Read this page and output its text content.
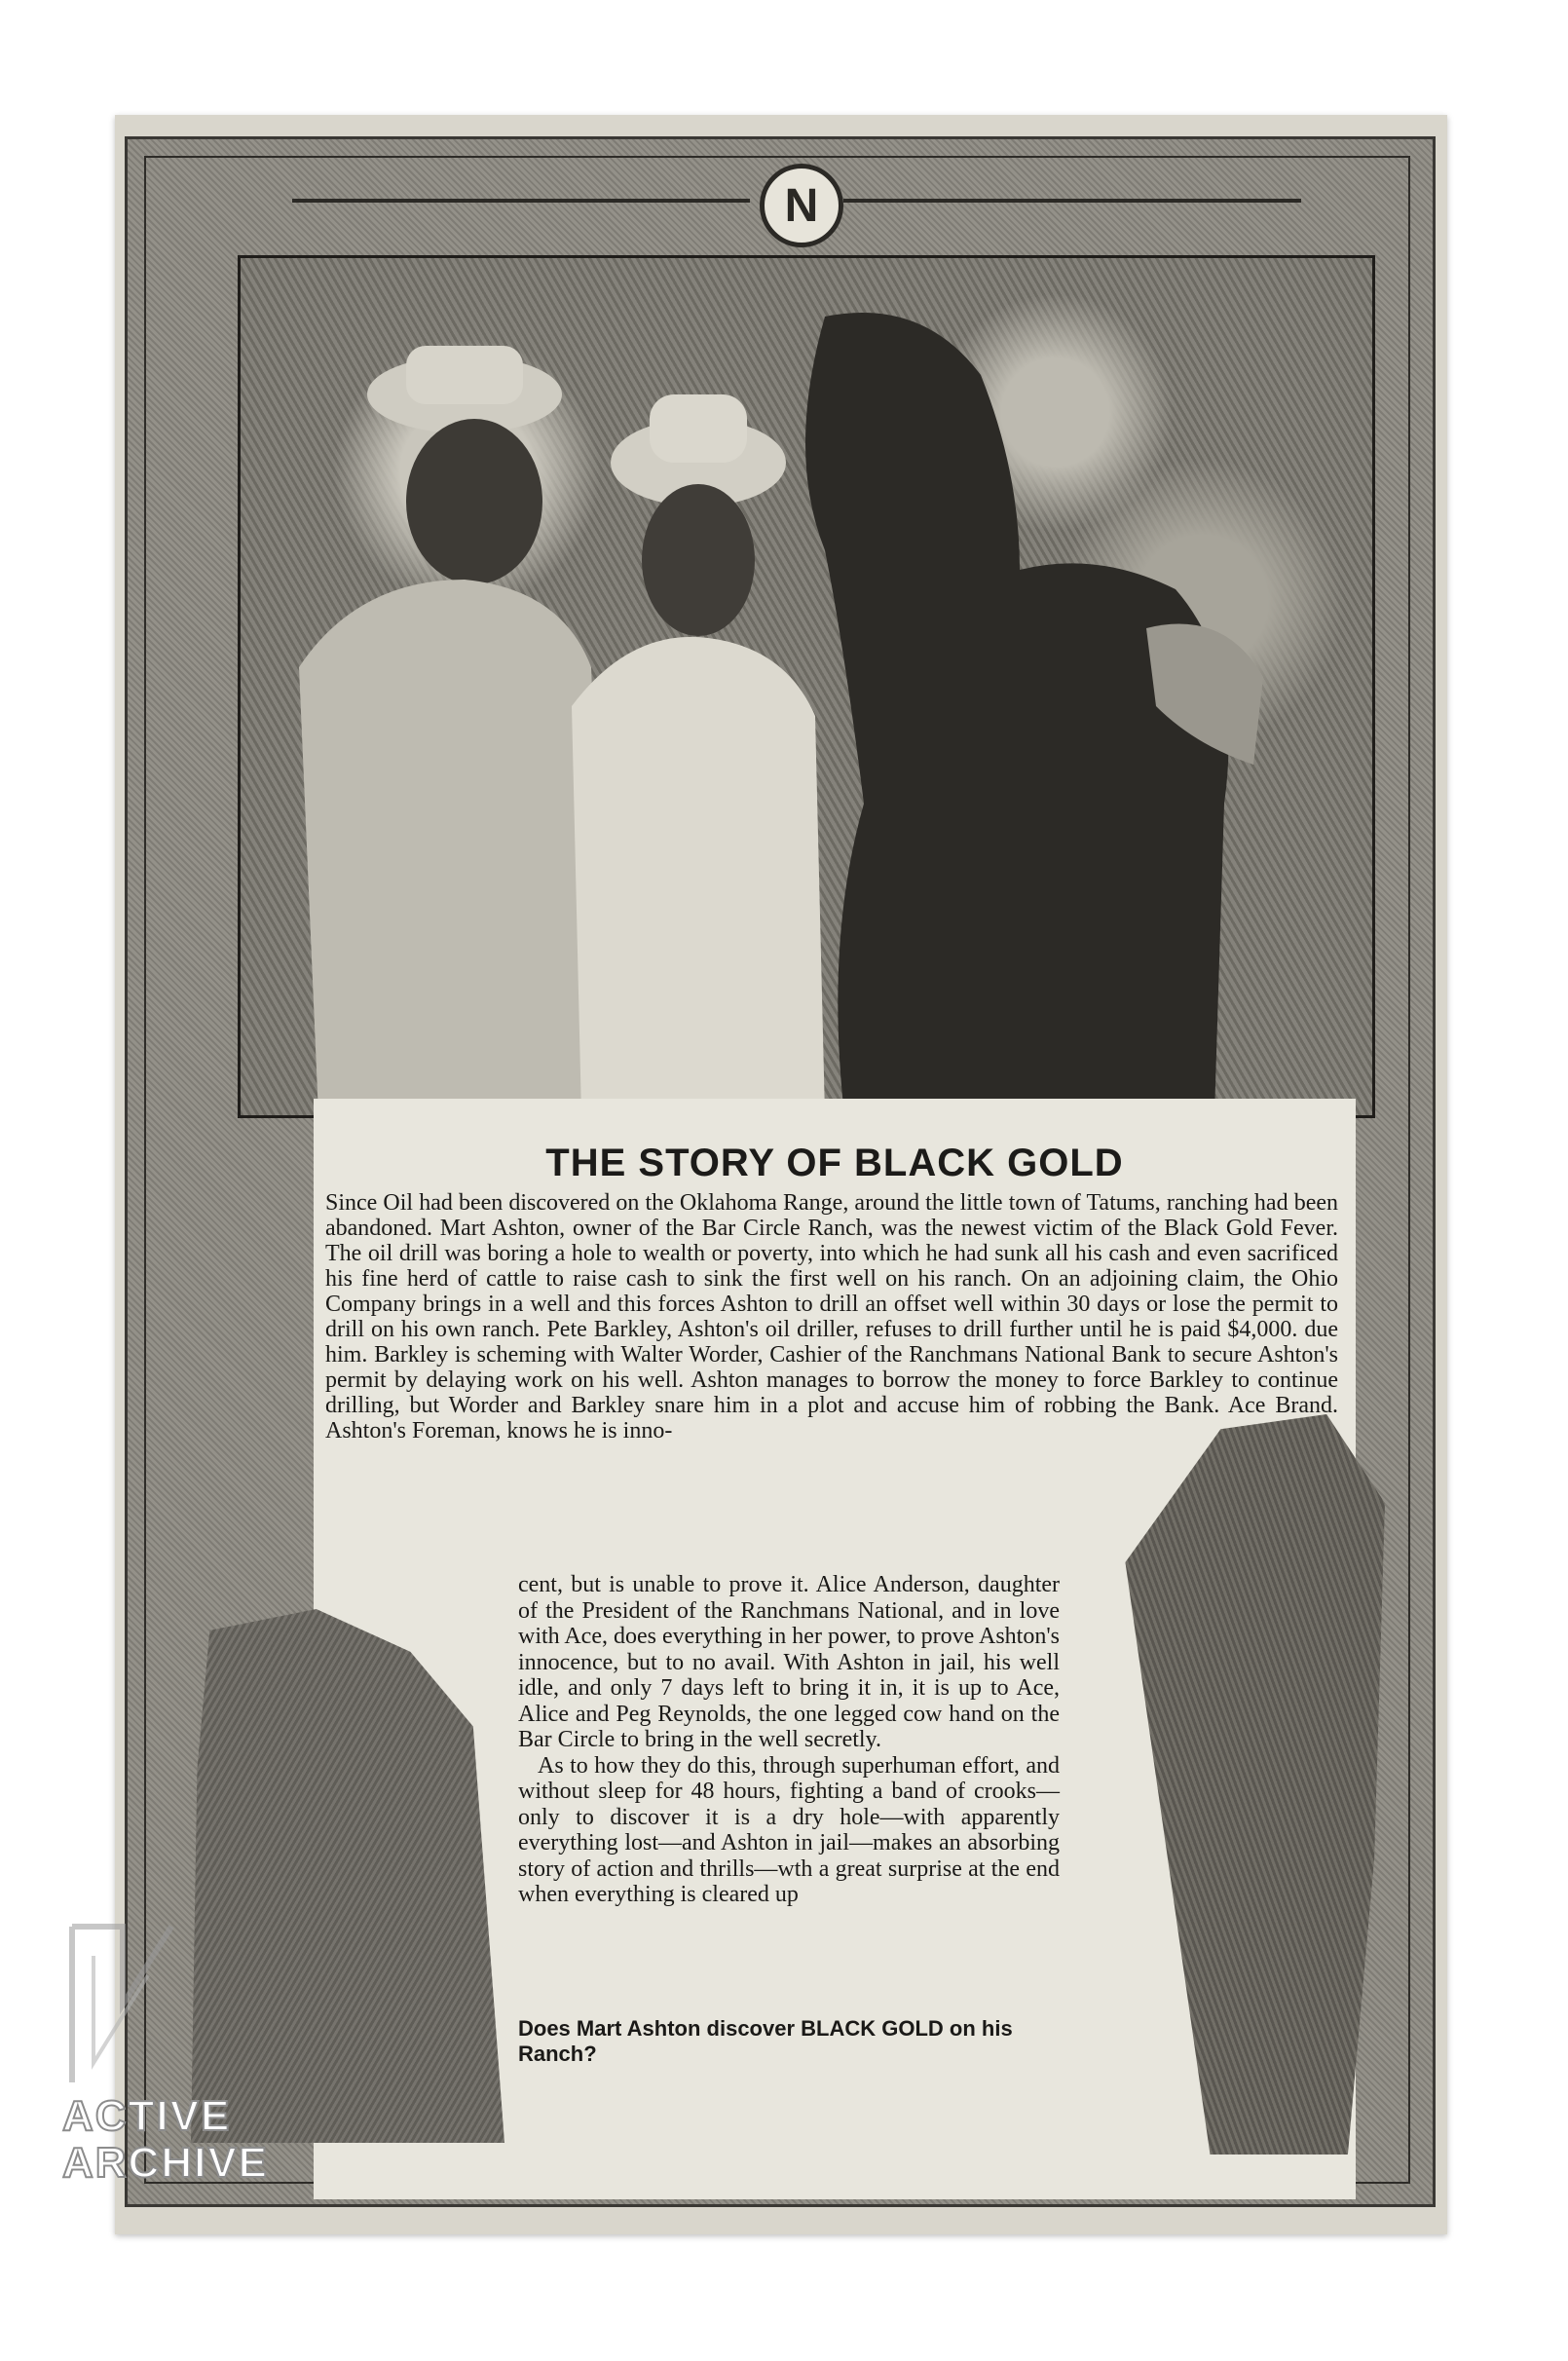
N
THE STORY OF BLACK GOLD
Since Oil had been discovered on the Oklahoma Range, around the little town of Tatums, ranching had been abandoned. Mart Ashton, owner of the Bar Circle Ranch, was the newest victim of the Black Gold Fever. The oil drill was boring a hole to wealth or poverty, into which he had sunk all his cash and even sacrificed his fine herd of cattle to raise cash to sink the first well on his ranch. On an adjoining claim, the Ohio Company brings in a well and this forces Ashton to drill an offset well within 30 days or lose the permit to drill on his own ranch. Pete Barkley, Ashton's oil driller, refuses to drill further until he is paid $4,000. due him. Barkley is scheming with Walter Worder, Cashier of the Ranchmans National Bank to secure Ashton's permit by delaying work on his well. Ashton manages to borrow the money to force Barkley to continue drilling, but Worder and Barkley snare him in a plot and accuse him of robbing the Bank. Ace Brand. Ashton's Foreman, knows he is inno-
cent, but is unable to prove it. Alice Anderson, daughter of the President of the Ranchmans National, and in love with Ace, does everything in her power, to prove Ashton's innocence, but to no avail. With Ashton in jail, his well idle, and only 7 days left to bring it in, it is up to Ace, Alice and Peg Reynolds, the one legged cow hand on the Bar Circle to bring in the well secretly.
As to how they do this, through superhuman effort, and without sleep for 48 hours, fighting a band of crooks—only to discover it is a dry hole—with apparently everything lost—and Ashton in jail—makes an absorbing story of action and thrills—wth a great surprise at the end when everything is cleared up
Does Mart Ashton discover BLACK GOLD on his Ranch?
ACTIVE
ARCHIVE
